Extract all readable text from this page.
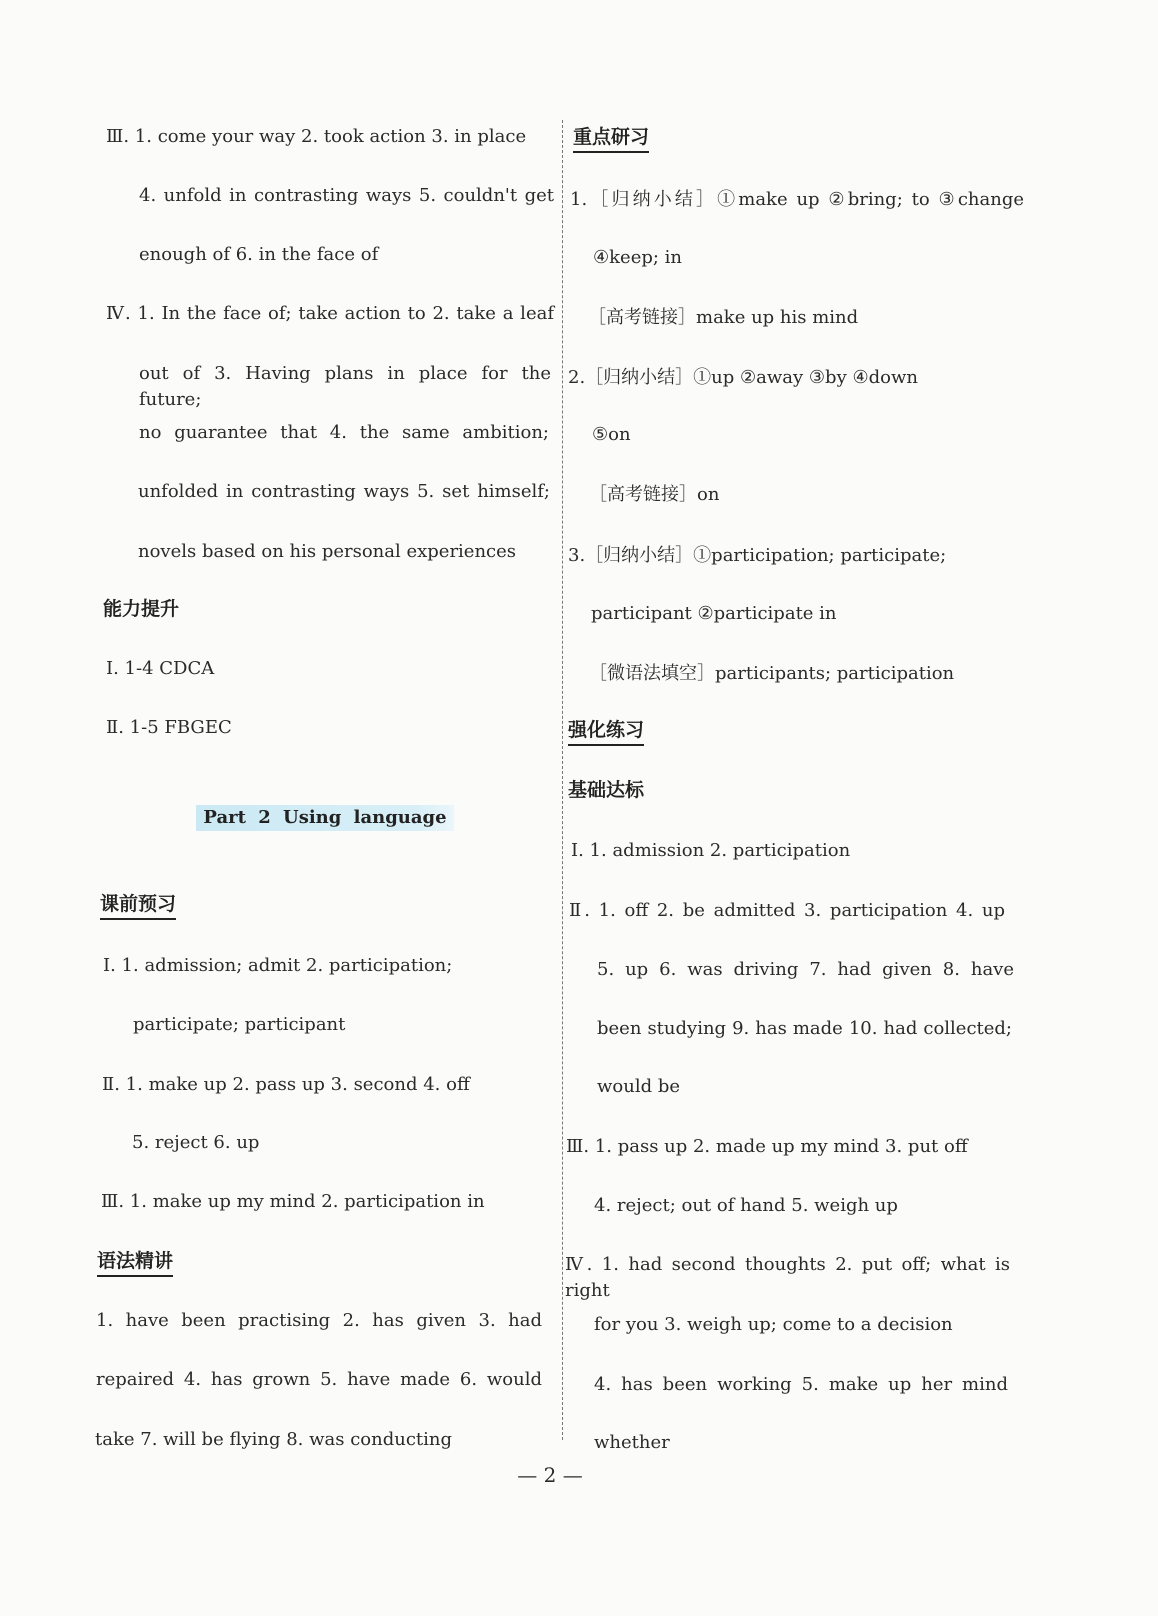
Ⅲ. 1. come your way 2. took action 3. in place
4. unfold in contrasting ways 5. couldn't get
enough of 6. in the face of
Ⅳ. 1. In the face of; take action to 2. take a leaf
out of 3. Having plans in place for the future;
no guarantee that 4. the same ambition;
unfolded in contrasting ways 5. set himself;
novels based on his personal experiences
能力提升
Ⅰ. 1-4 CDCA
Ⅱ. 1-5 FBGEC
Part 2 Using language
课前预习
Ⅰ. 1. admission; admit 2. participation;
participate; participant
Ⅱ. 1. make up 2. pass up 3. second 4. off
5. reject 6. up
Ⅲ. 1. make up my mind 2. participation in
语法精讲
1. have been practising 2. has given 3. had
repaired 4. has grown 5. have made 6. would
take 7. will be flying 8. was conducting
重点研习
1.［归纳小结］①make up ②bring; to ③change
④keep; in
［高考链接］make up his mind
2.［归纳小结］①up ②away ③by ④down
⑤on
［高考链接］on
3.［归纳小结］①participation; participate;
participant ②participate in
［微语法填空］participants; participation
强化练习
基础达标
Ⅰ. 1. admission 2. participation
Ⅱ. 1. off 2. be admitted 3. participation 4. up
5. up 6. was driving 7. had given 8. have
been studying 9. has made 10. had collected;
would be
Ⅲ. 1. pass up 2. made up my mind 3. put off
4. reject; out of hand 5. weigh up
Ⅳ. 1. had second thoughts 2. put off; what is right
for you 3. weigh up; come to a decision
4. has been working 5. make up her mind
whether
— 2 —
